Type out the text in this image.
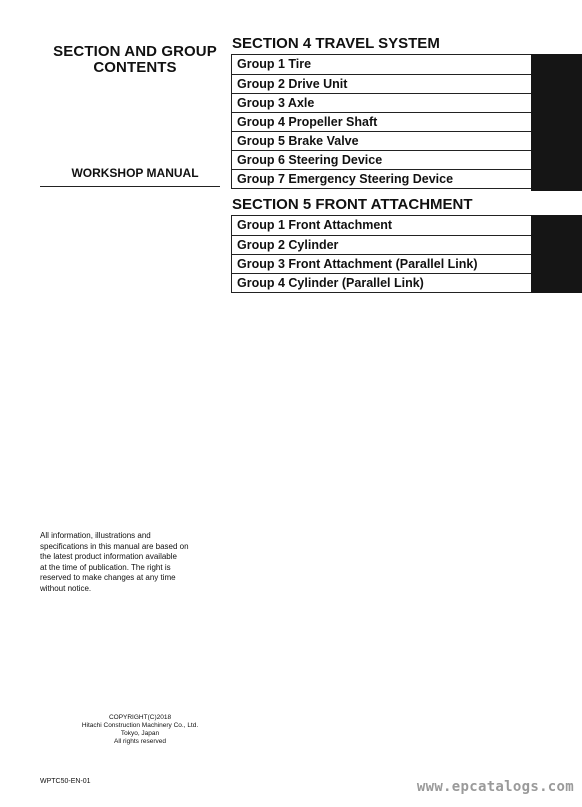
SECTION AND GROUP
CONTENTS
WORKSHOP MANUAL
SECTION 4 TRAVEL SYSTEM
Group 1 Tire
Group 2 Drive Unit
Group 3 Axle
Group 4 Propeller Shaft
Group 5 Brake Valve
Group 6 Steering Device
Group 7 Emergency Steering Device
SECTION 5 FRONT ATTACHMENT
Group 1 Front Attachment
Group 2 Cylinder
Group 3 Front Attachment (Parallel Link)
Group 4 Cylinder (Parallel Link)
All information, illustrations and
specifications in this manual are based on
the latest product information available
at the time of publication. The right is
reserved to make changes at any time
without notice.
COPYRIGHT(C)2018
Hitachi Construction Machinery Co., Ltd.
Tokyo, Japan
All rights reserved
WPTC50-EN-01	www.epcatalogs.com
